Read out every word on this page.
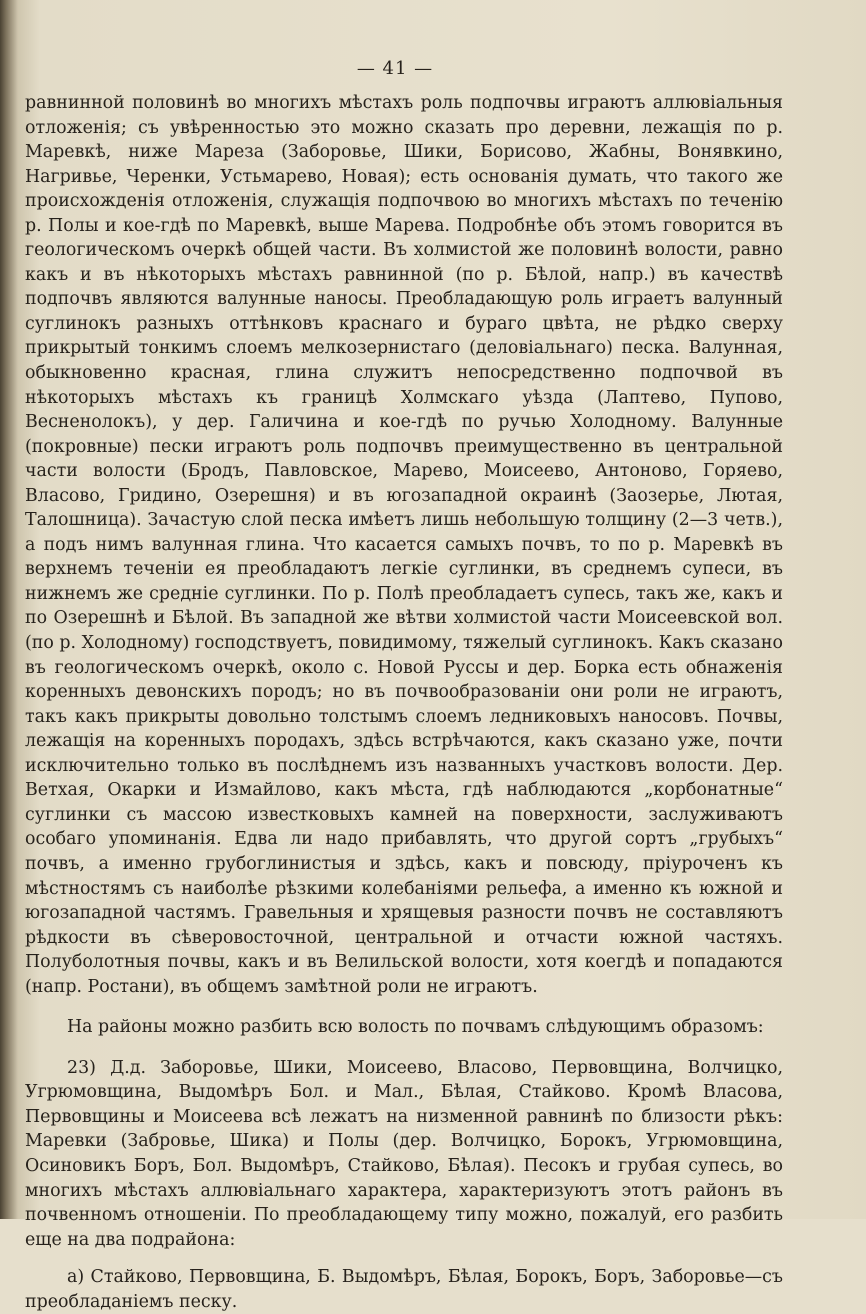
— 41 —

равнинной половинѣ во многихъ мѣстахъ роль подпочвы играютъ аллювіальныя отложенія; съ увѣренностью это можно сказать про деревни, лежащія по р. Маревкѣ, ниже Мареза (Заборовье, Шики, Борисово, Жабны, Вонявкино, Нагривье, Черенки, Устьмарево, Новая); есть основанія думать, что такого же происхожденія отложенія, служащія подпочвою во многихъ мѣстахъ по теченію р. Полы и кое-гдѣ по Маревкѣ, выше Марева. Подробнѣе объ этомъ говорится въ геологическомъ очеркѣ общей части. Въ холмистой же половинѣ волости, равно какъ и въ нѣкоторыхъ мѣстахъ равнинной (по р. Бѣлой, напр.) въ качествѣ подпочвъ являются валунные наносы. Преобладающую роль играетъ валунный суглинокъ разныхъ оттѣнковъ краснаго и бураго цвѣта, не рѣдко сверху прикрытый тонкимъ слоемъ мелкозернистаго (деловіальнаго) песка. Валунная, обыкновенно красная, глина служитъ непосредственно подпочвой въ нѣкоторыхъ мѣстахъ къ границѣ Холмскаго уѣзда (Лаптево, Пупово, Весненолокъ), у дер. Галичина и кое-гдѣ по ручью Холодному. Валунные (покровные) пески играютъ роль подпочвъ преимущественно въ центральной части волости (Бродъ, Павловское, Марево, Моисеево, Антоново, Горяево, Власово, Гридино, Озерешня) и въ югозападной окраинѣ (Заозерье, Лютая, Талошница). Зачастую слой песка имѣетъ лишь небольшую толщину (2—3 четв.), а подъ нимъ валунная глина. Что касается самыхъ почвъ, то по р. Маревкѣ въ верхнемъ теченіи ея преобладаютъ легкіе суглинки, въ среднемъ супеси, въ нижнемъ же средніе суглинки. По р. Полѣ преобладаетъ супесь, такъ же, какъ и по Озерешнѣ и Бѣлой. Въ западной же вѣтви холмистой части Моисеевской вол. (по р. Холодному) господствуетъ, повидимому, тяжелый суглинокъ. Какъ сказано въ геологическомъ очеркѣ, около с. Новой Руссы и дер. Борка есть обнаженія коренныхъ девонскихъ породъ; но въ почвообразованіи они роли не играютъ, такъ какъ прикрыты довольно толстымъ слоемъ ледниковыхъ наносовъ. Почвы, лежащія на коренныхъ породахъ, здѣсь встрѣчаются, какъ сказано уже, почти исключительно только въ послѣднемъ изъ названныхъ участковъ волости. Дер. Ветхая, Окарки и Измайлово, какъ мѣста, гдѣ наблюдаются „корбонатные“ суглинки съ массою известковыхъ камней на поверхности, заслуживаютъ особаго упоминанія. Едва ли надо прибавлять, что другой сортъ „грубыхъ“ почвъ, а именно грубоглинистыя и здѣсь, какъ и повсюду, пріуроченъ къ мѣстностямъ съ наиболѣе рѣзкими колебаніями рельефа, а именно къ южной и югозападной частямъ. Гравельныя и хрящевыя разности почвъ не составляютъ рѣдкости въ сѣверовосточной, центральной и отчасти южной частяхъ. Полуболотныя почвы, какъ и въ Велильской волости, хотя коегдѣ и попадаются (напр. Ростани), въ общемъ замѣтной роли не играютъ.

На районы можно разбить всю волость по почвамъ слѣдующимъ образомъ:

23) Д.д. Заборовье, Шики, Моисеево, Власово, Первовщина, Волчицко, Угрюмовщина, Выдомѣръ Бол. и Мал., Бѣлая, Стайково. Кромѣ Власова, Первовщины и Моисеева всѣ лежатъ на низменной равнинѣ по близости рѣкъ: Маревки (Забровье, Шика) и Полы (дер. Волчицко, Борокъ, Угрюмовщина, Осиновикъ Боръ, Бол. Выдомѣръ, Стайково, Бѣлая). Песокъ и грубая супесь, во многихъ мѣстахъ аллювіальнаго характера, характеризуютъ этотъ районъ въ почвенномъ отношеніи. По преобладающему типу можно, пожалуй, его разбить еще на два подрайона:

а) Стайково, Первовщина, Б. Выдомѣръ, Бѣлая, Борокъ, Боръ, Заборовье—съ преобладаніемъ песку.
